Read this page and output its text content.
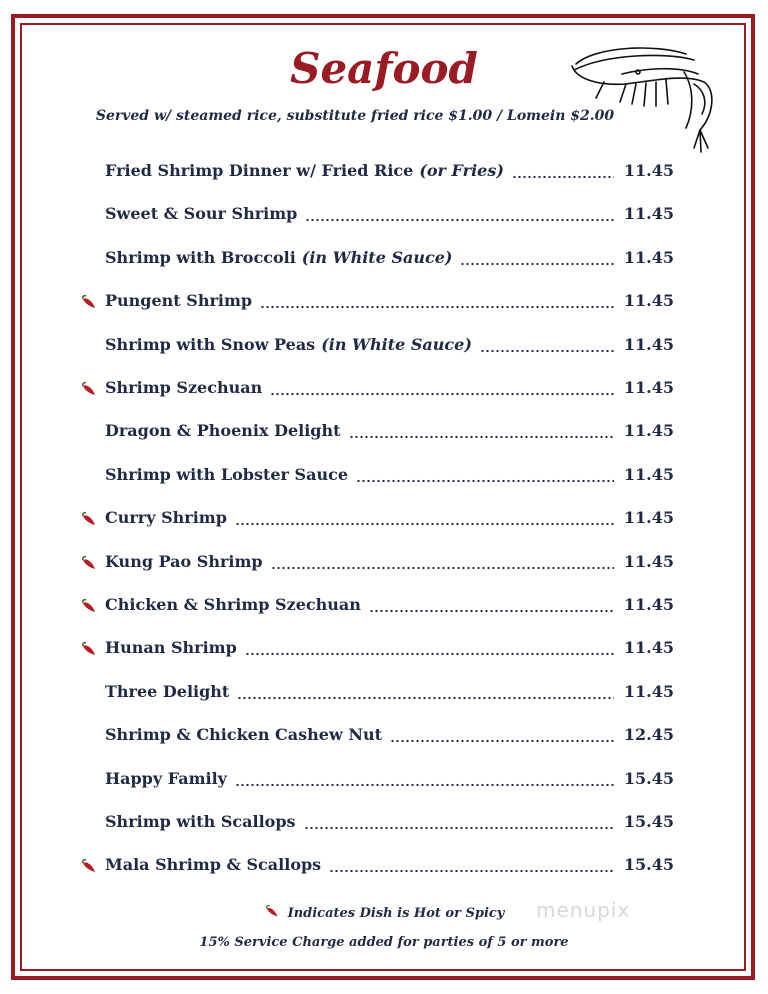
Seafood
Served w/ steamed rice, substitute fried rice $1.00 / Lomein $2.00
Fried Shrimp Dinner w/ Fried Rice (or Fries)	11.45
Sweet & Sour Shrimp	11.45
Shrimp with Broccoli (in White Sauce)	11.45
Pungent Shrimp	11.45
Shrimp with Snow Peas (in White Sauce)	11.45
Shrimp Szechuan	11.45
Dragon & Phoenix Delight	11.45
Shrimp with Lobster Sauce	11.45
Curry Shrimp	11.45
Kung Pao Shrimp	11.45
Chicken & Shrimp Szechuan	11.45
Hunan Shrimp	11.45
Three Delight	11.45
Shrimp & Chicken Cashew Nut	12.45
Happy Family	15.45
Shrimp with Scallops	15.45
Mala Shrimp & Scallops	15.45
Indicates Dish is Hot or Spicy
15% Service Charge added for parties of 5 or more
menupix
